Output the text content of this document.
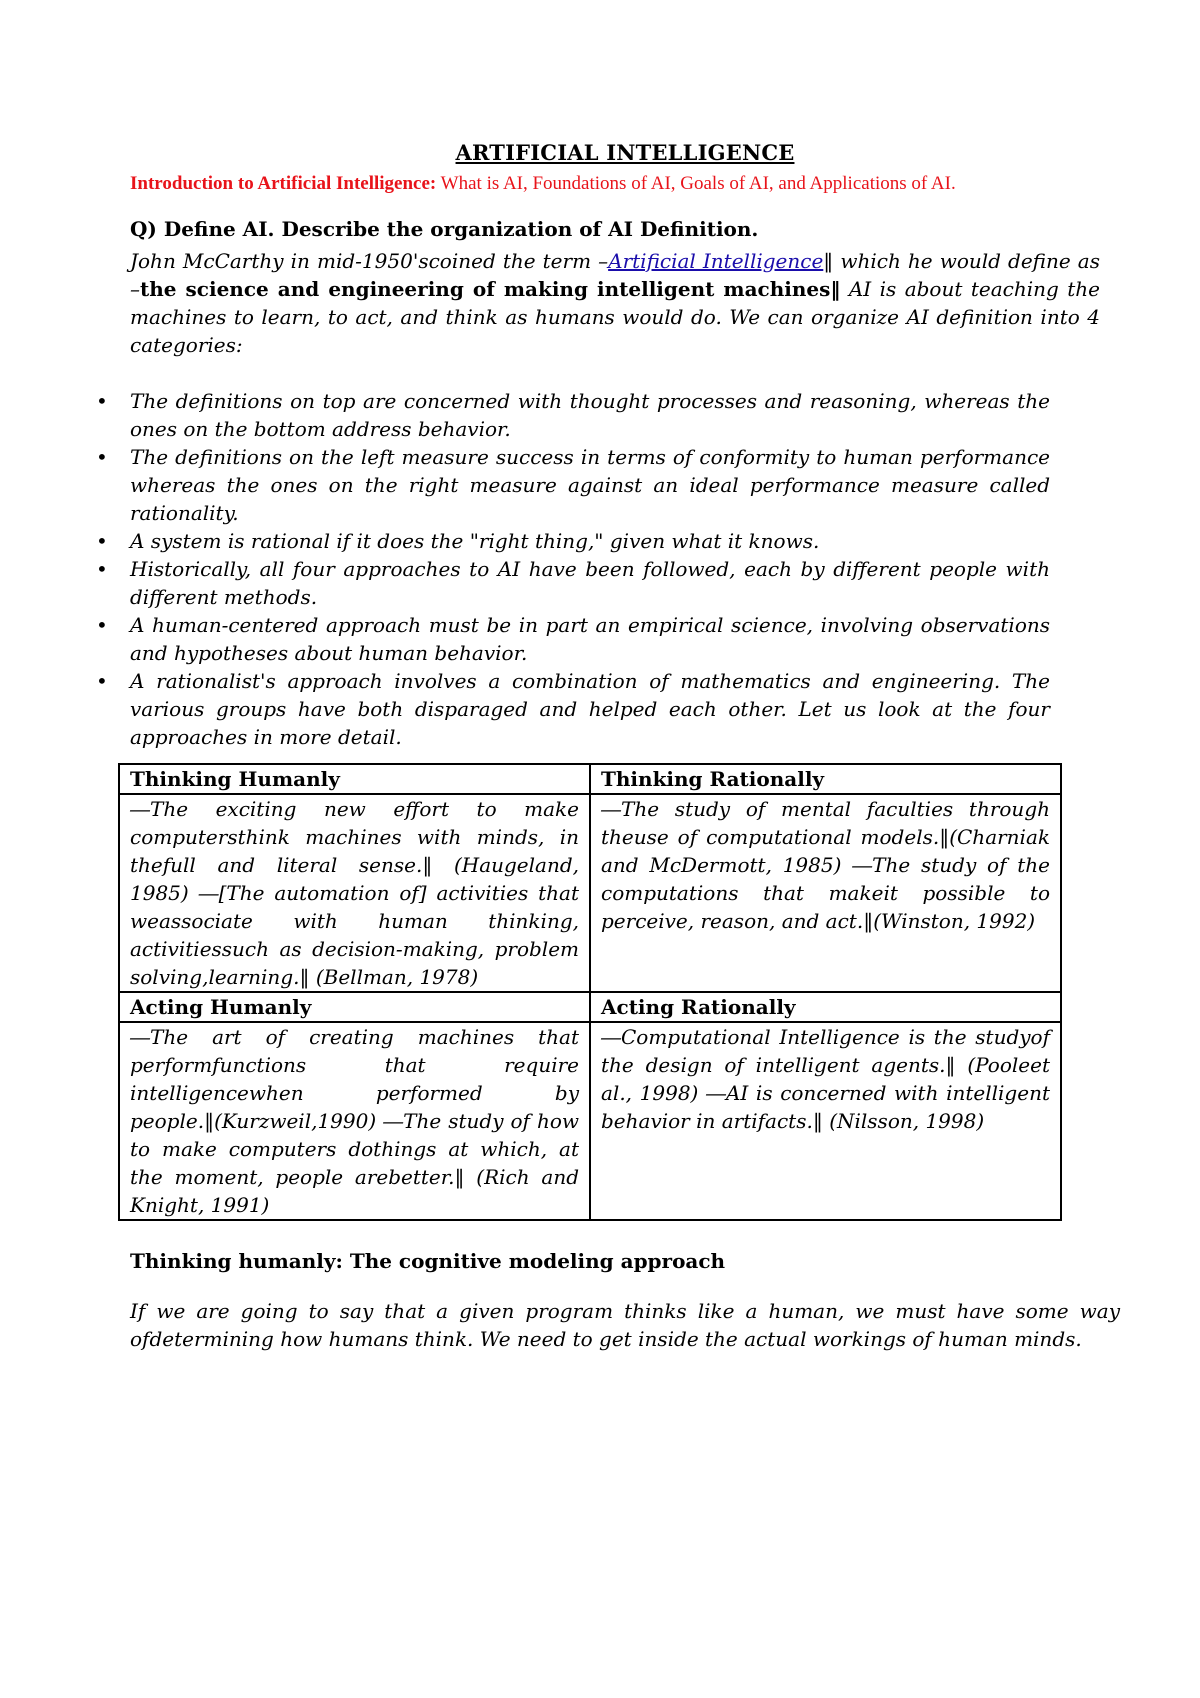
ARTIFICIAL INTELLIGENCE

Introduction to Artificial Intelligence: What is AI, Foundations of AI, Goals of AI, and Applications of AI.

Q) Define AI. Describe the organization of AI Definition.

John McCarthy in mid-1950'scoined the term –Artificial Intelligence‖ which he would define as –the science and engineering of making intelligent machines‖ AI is about teaching the machines to learn, to act, and think as humans would do. We can organize AI definition into 4 categories:

• The definitions on top are concerned with thought processes and reasoning, whereas the ones on the bottom address behavior.
• The definitions on the left measure success in terms of conformity to human performance whereas the ones on the right measure against an ideal performance measure called rationality.
• A system is rational if it does the "right thing," given what it knows.
• Historically, all four approaches to AI have been followed, each by different people with different methods.
• A human-centered approach must be in part an empirical science, involving observations and hypotheses about human behavior.
• A rationalist's approach involves a combination of mathematics and engineering. The various groups have both disparaged and helped each other. Let us look at the four approaches in more detail.
Thinking Humanly	Thinking Rationally
―The exciting new effort to make computersthink machines with minds, in thefull and literal sense.‖ (Haugeland, 1985) ―[The automation of] activities that weassociate with human thinking, activitiessuch as decision-making, problem solving,learning.‖ (Bellman, 1978)	―The study of mental faculties through theuse of computational models.‖(Charniak and McDermott, 1985) ―The study of the computations that makeit possible to perceive, reason, and act.‖(Winston, 1992)
Acting Humanly	Acting Rationally
―The art of creating machines that performfunctions that require intelligencewhen performed by people.‖(Kurzweil,1990) ―The study of how to make computers dothings at which, at the moment, people arebetter.‖ (Rich and Knight, 1991)	―Computational Intelligence is the studyof the design of intelligent agents.‖ (Pooleet al., 1998) ―AI is concerned with intelligent behavior in artifacts.‖ (Nilsson, 1998)

Thinking humanly: The cognitive modeling approach

If we are going to say that a given program thinks like a human, we must have some way ofdetermining how humans think. We need to get inside the actual workings of human minds.
